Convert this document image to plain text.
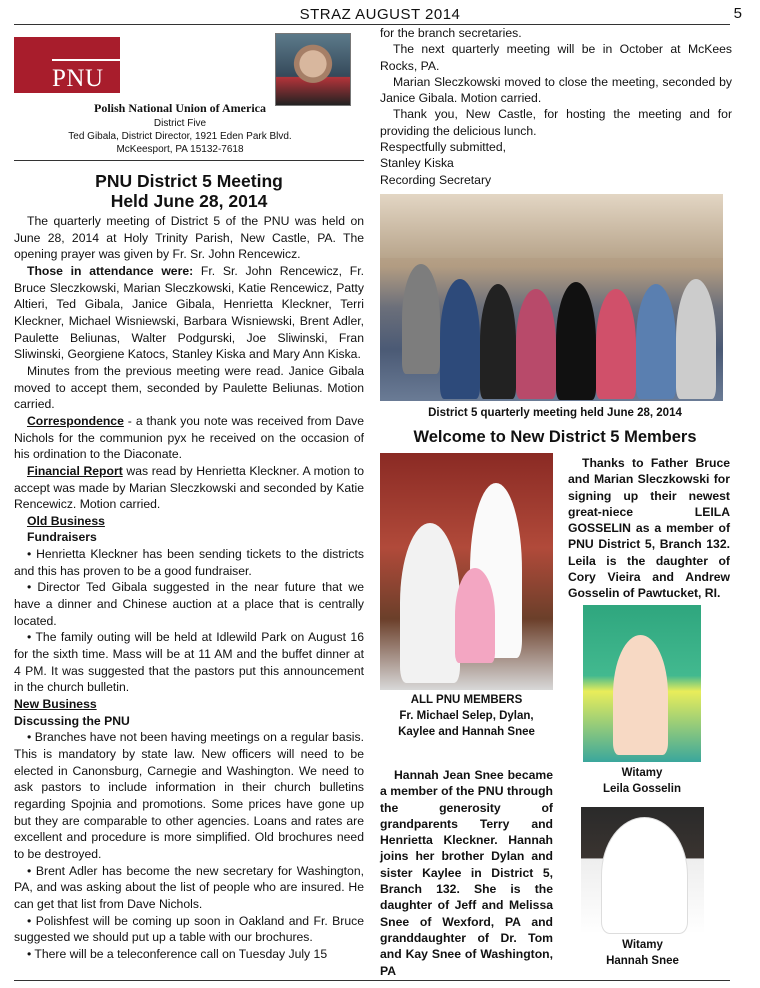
STRAZ AUGUST 2014	5
PNU
Polish National Union of America
District Five
Ted Gibala, District Director, 1921 Eden Park Blvd.
McKeesport, PA 15132-7618
PNU District 5 Meeting
Held June 28, 2014

The quarterly meeting of District 5 of the PNU was held on June 28, 2014 at Holy Trinity Parish, New Castle, PA. The opening prayer was given by Fr. Sr. John Rencewicz.

Those in attendance were: Fr. Sr. John Rencewicz, Fr. Bruce Sleczkowski, Marian Sleczkowski, Katie Rencewicz, Patty Altieri, Ted Gibala, Janice Gibala, Henrietta Kleckner, Terri Kleckner, Michael Wisniewski, Barbara Wisniewski, Brent Adler, Paulette Beliunas, Walter Podgurski, Joe Sliwinski, Fran Sliwinski, Georgiene Katocs, Stanley Kiska and Mary Ann Kiska.

Minutes from the previous meeting were read. Janice Gibala moved to accept them, seconded by Paulette Beliunas. Motion carried.

Correspondence - a thank you note was received from Dave Nichols for the communion pyx he received on the occasion of his ordination to the Diaconate.

Financial Report was read by Henrietta Kleckner. A motion to accept was made by Marian Sleczkowski and seconded by Katie Rencewicz. Motion carried.

Old Business

Fundraisers

• Henrietta Kleckner has been sending tickets to the districts and this has proven to be a good fundraiser.

• Director Ted Gibala suggested in the near future that we have a dinner and Chinese auction at a place that is centrally located.

• The family outing will be held at Idlewild Park on August 16 for the sixth time. Mass will be at 11 AM and the buffet dinner at 4 PM. It was suggested that the pastors put this announcement in the church bulletin.

New Business

Discussing the PNU

• Branches have not been having meetings on a regular basis. This is mandatory by state law. New officers will need to be elected in Canonsburg, Carnegie and Washington. We need to ask pastors to include information in their church bulletins regarding Spojnia and promotions. Some prices have gone up but they are comparable to other agencies. Loans and rates are excellent and procedure is more simplified. Old brochures need to be destroyed.

• Brent Adler has become the new secretary for Washington, PA, and was asking about the list of people who are insured. He can get that list from Dave Nichols.

• Polishfest will be coming up soon in Oakland and Fr. Bruce suggested we should put up a table with our brochures.

• There will be a teleconference call on Tuesday July 15

for the branch secretaries.

The next quarterly meeting will be in October at McKees Rocks, PA.

Marian Sleczkowski moved to close the meeting, seconded by Janice Gibala. Motion carried.

Thank you, New Castle, for hosting the meeting and for providing the delicious lunch.

Respectfully submitted,

Stanley Kiska

Recording Secretary

District 5 quarterly meeting held June 28, 2014
Welcome to New District 5 Members
ALL PNU MEMBERS
Fr. Michael Selep, Dylan,
Kaylee and Hannah Snee
Thanks to Father Bruce and Marian Sleczkowski for signing up their newest great-niece LEILA GOSSELIN as a member of PNU District 5, Branch 132. Leila is the daughter of Cory Vieira and Andrew Gosselin of Pawtucket, RI.
Witamy
Leila Gosselin
Hannah Jean Snee became a member of the PNU through the generosity of grandparents Terry and Henrietta Kleckner. Hannah joins her brother Dylan and sister Kaylee in District 5, Branch 132. She is the daughter of Jeff and Melissa Snee of Wexford, PA and granddaughter of Dr. Tom and Kay Snee of Washington, PA
Witamy
Hannah Snee
